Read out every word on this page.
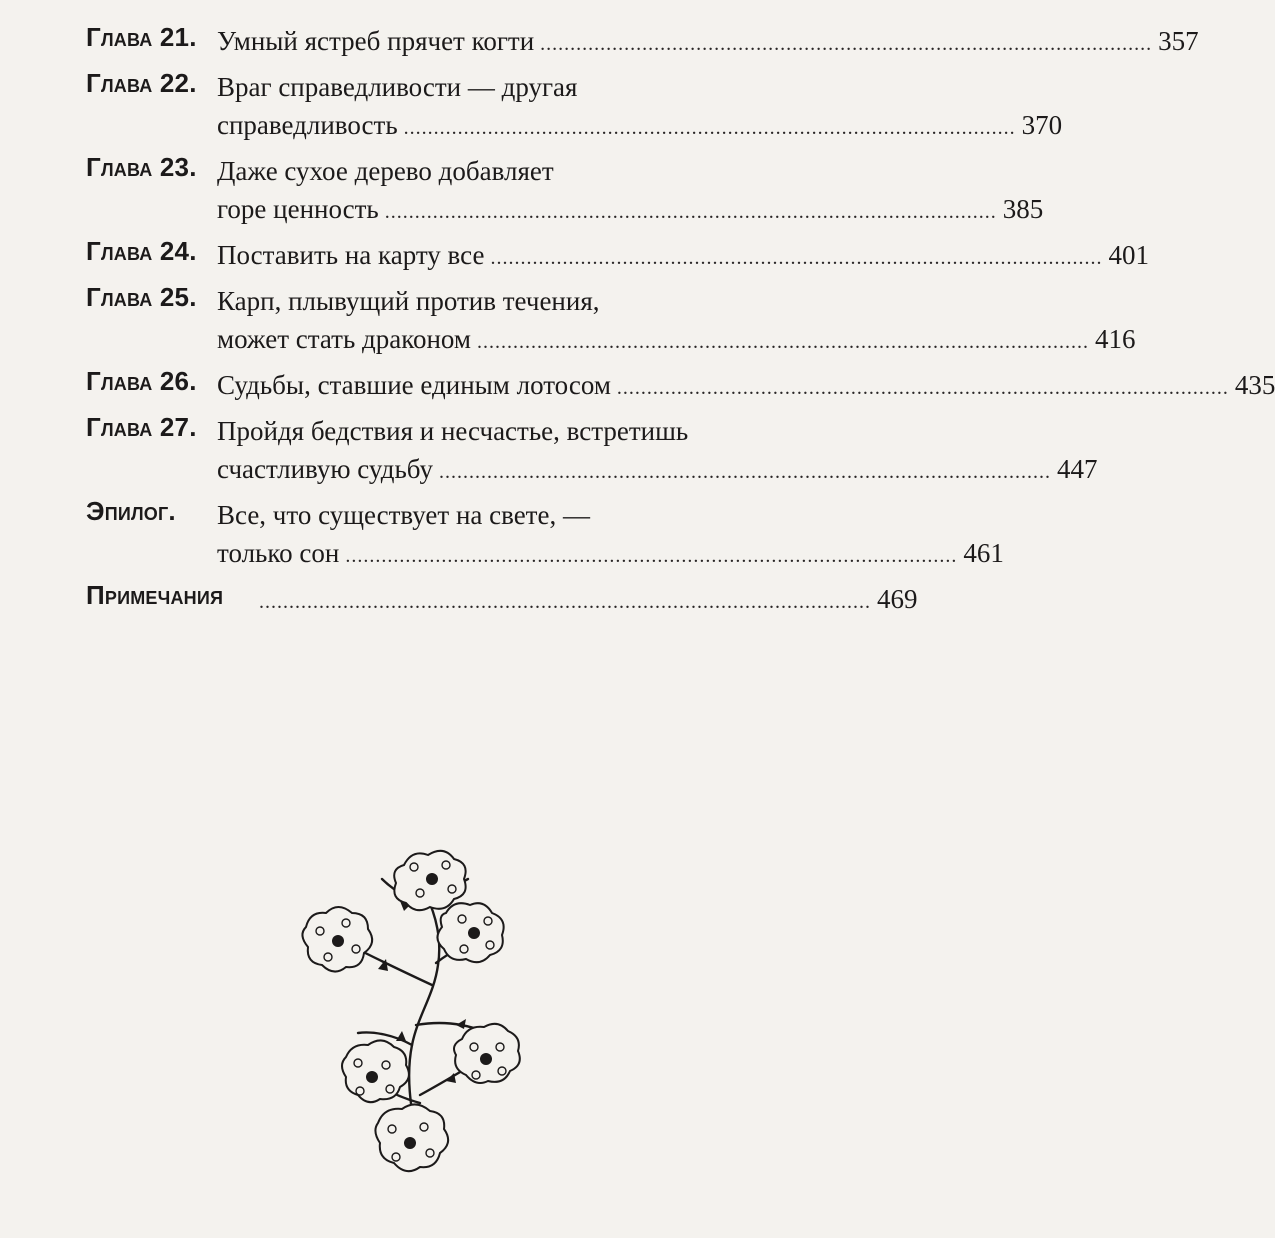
Глава 21. Умный ястреб прячет когти ...................................................................................................... 357
Глава 22. Враг справедливости — другая
справедливость ...................................................................................................... 370
Глава 23. Даже сухое дерево добавляет
горе ценность ...................................................................................................... 385
Глава 24. Поставить на карту все ...................................................................................................... 401
Глава 25. Карп, плывущий против течения,
может стать драконом ...................................................................................................... 416
Глава 26. Судьбы, ставшие единым лотосом ...................................................................................................... 435
Глава 27. Пройдя бедствия и несчастье, встретишь
счастливую судьбу ...................................................................................................... 447
Эпилог. Все, что существует на свете, —
только сон ...................................................................................................... 461
Примечания ...................................................................................................... 469
